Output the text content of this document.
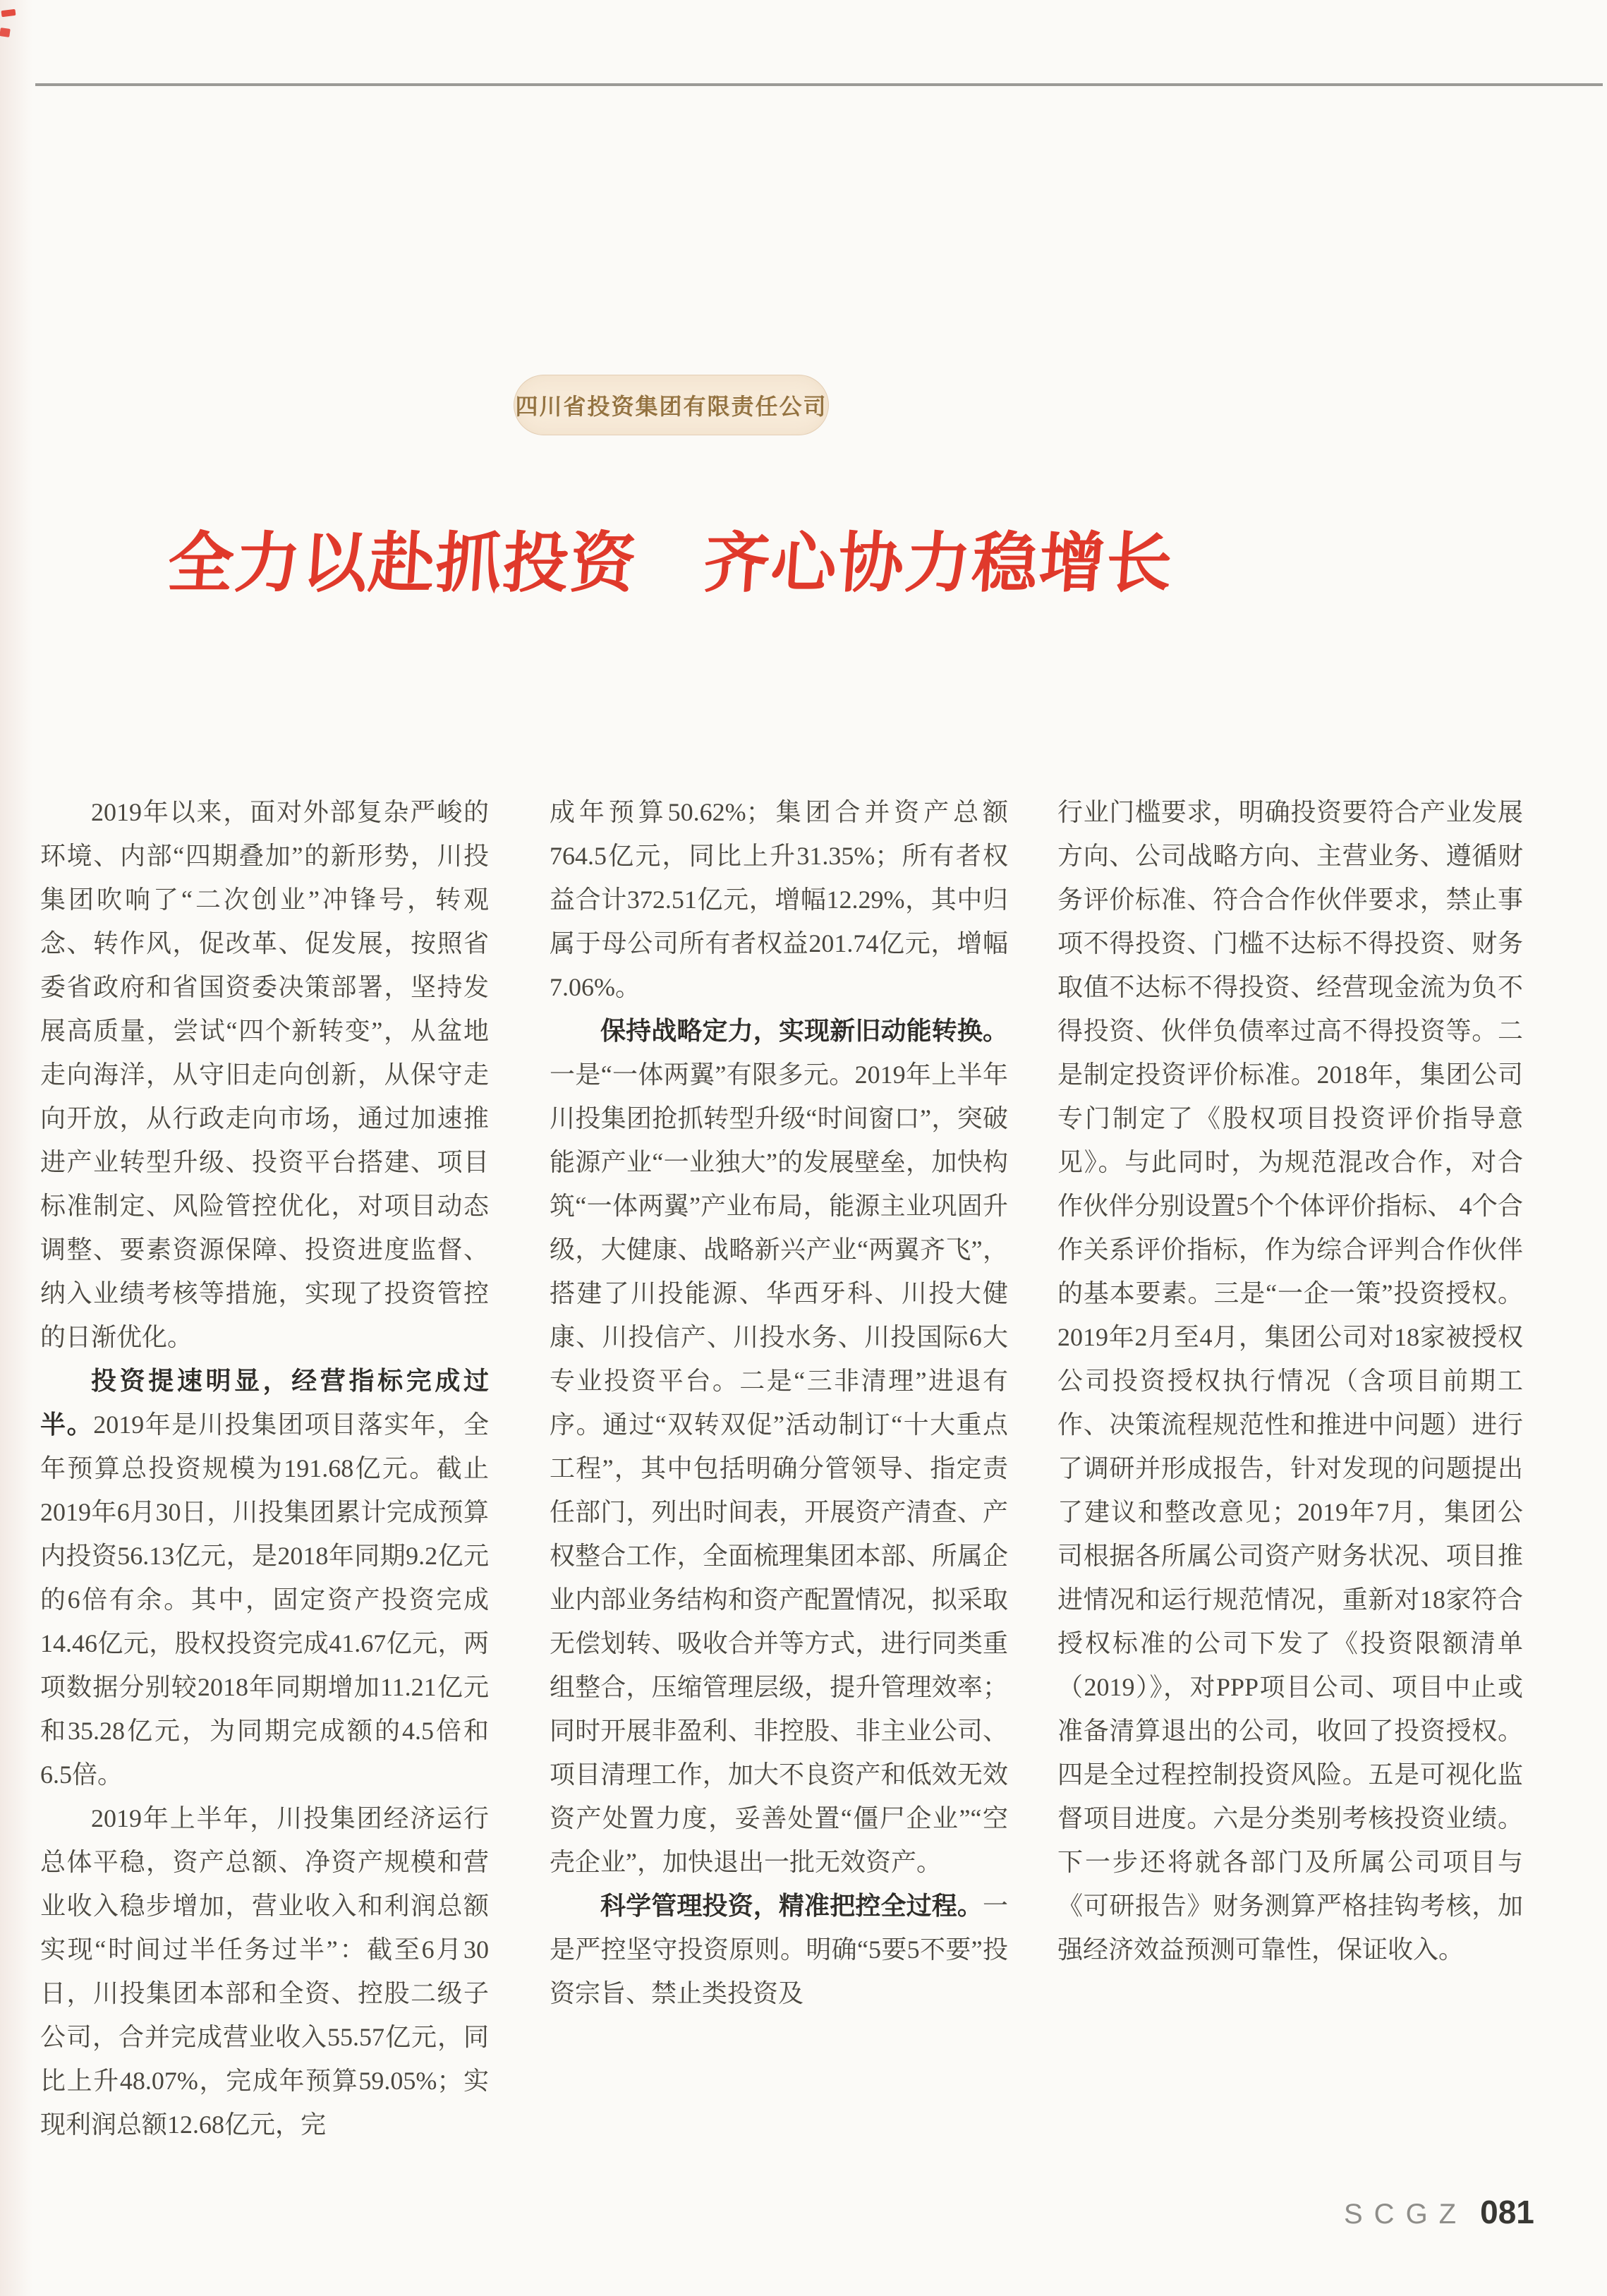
四川省投资集团有限责任公司
全力以赴抓投资　齐心协力稳增长

2019年以来，面对外部复杂严峻的环境、内部“四期叠加”的新形势，川投集团吹响了“二次创业”冲锋号，转观念、转作风，促改革、促发展，按照省委省政府和省国资委决策部署，坚持发展高质量，尝试“四个新转变”，从盆地走向海洋，从守旧走向创新，从保守走向开放，从行政走向市场，通过加速推进产业转型升级、投资平台搭建、项目标准制定、风险管控优化，对项目动态调整、要素资源保障、投资进度监督、纳入业绩考核等措施，实现了投资管控的日渐优化。

投资提速明显，经营指标完成过半。2019年是川投集团项目落实年，全年预算总投资规模为191.68亿元。截止2019年6月30日，川投集团累计完成预算内投资56.13亿元，是2018年同期9.2亿元的6倍有余。其中，固定资产投资完成14.46亿元，股权投资完成41.67亿元，两项数据分别较2018年同期增加11.21亿元和35.28亿元，为同期完成额的4.5倍和6.5倍。

2019年上半年，川投集团经济运行总体平稳，资产总额、净资产规模和营业收入稳步增加，营业收入和利润总额实现“时间过半任务过半”：截至6月30日，川投集团本部和全资、控股二级子公司，合并完成营业收入55.57亿元，同比上升48.07%，完成年预算59.05%；实现利润总额12.68亿元，完

成年预算50.62%；集团合并资产总额764.5亿元，同比上升31.35%；所有者权益合计372.51亿元，增幅12.29%，其中归属于母公司所有者权益201.74亿元，增幅7.06%。

保持战略定力，实现新旧动能转换。一是“一体两翼”有限多元。2019年上半年川投集团抢抓转型升级“时间窗口”，突破能源产业“一业独大”的发展壁垒，加快构筑“一体两翼”产业布局，能源主业巩固升级，大健康、战略新兴产业“两翼齐飞”，搭建了川投能源、华西牙科、川投大健康、川投信产、川投水务、川投国际6大专业投资平台。二是“三非清理”进退有序。通过“双转双促”活动制订“十大重点工程”，其中包括明确分管领导、指定责任部门，列出时间表，开展资产清查、产权整合工作，全面梳理集团本部、所属企业内部业务结构和资产配置情况，拟采取无偿划转、吸收合并等方式，进行同类重组整合，压缩管理层级，提升管理效率；同时开展非盈利、非控股、非主业公司、项目清理工作，加大不良资产和低效无效资产处置力度，妥善处置“僵尸企业”“空壳企业”，加快退出一批无效资产。

科学管理投资，精准把控全过程。一是严控坚守投资原则。明确“5要5不要”投资宗旨、禁止类投资及

行业门槛要求，明确投资要符合产业发展方向、公司战略方向、主营业务、遵循财务评价标准、符合合作伙伴要求，禁止事项不得投资、门槛不达标不得投资、财务取值不达标不得投资、经营现金流为负不得投资、伙伴负债率过高不得投资等。二是制定投资评价标准。2018年，集团公司专门制定了《股权项目投资评价指导意见》。与此同时，为规范混改合作，对合作伙伴分别设置5个个体评价指标、 4个合作关系评价指标，作为综合评判合作伙伴的基本要素。三是“一企一策”投资授权。2019年2月至4月，集团公司对18家被授权公司投资授权执行情况（含项目前期工作、决策流程规范性和推进中问题）进行了调研并形成报告，针对发现的问题提出了建议和整改意见；2019年7月，集团公司根据各所属公司资产财务状况、项目推进情况和运行规范情况，重新对18家符合授权标准的公司下发了《投资限额清单（2019）》，对PPP项目公司、项目中止或准备清算退出的公司，收回了投资授权。四是全过程控制投资风险。五是可视化监督项目进度。六是分类别考核投资业绩。下一步还将就各部门及所属公司项目与《可研报告》财务测算严格挂钩考核，加强经济效益预测可靠性，保证收入。

SCGZ 081
